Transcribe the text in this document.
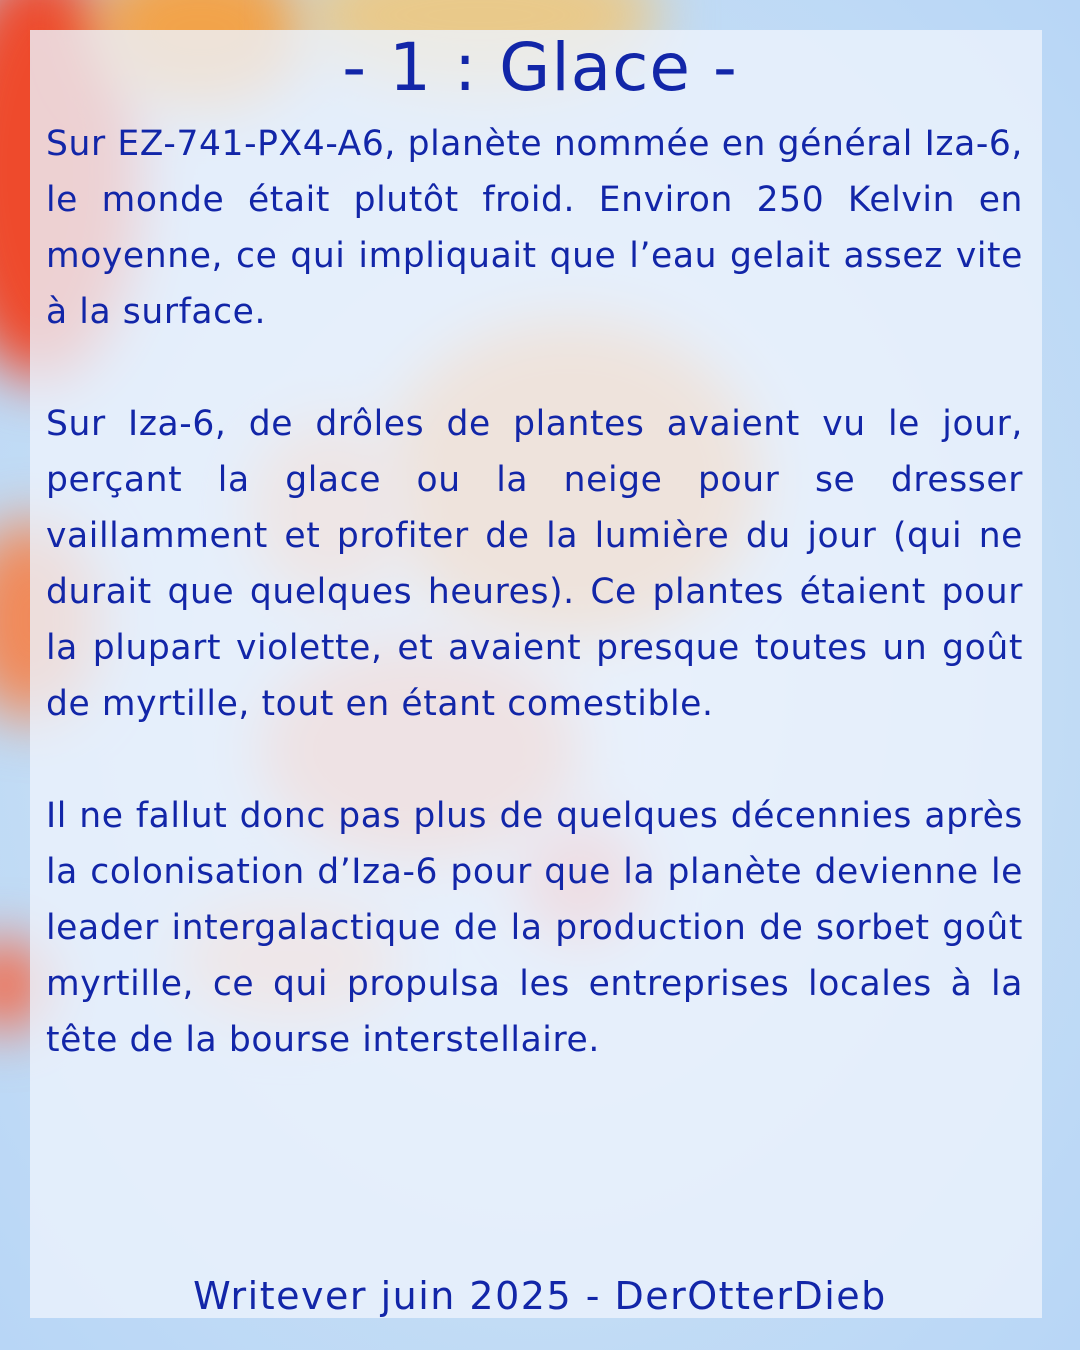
- 1 : Glace -

Sur EZ-741-PX4-A6, planète nommée en général Iza-6, le monde était plutôt froid. Environ 250 Kelvin en moyenne, ce qui impliquait que l’eau gelait assez vite à la surface.

Sur Iza-6, de drôles de plantes avaient vu le jour, perçant la glace ou la neige pour se dresser vaillamment et profiter de la lumière du jour (qui ne durait que quelques heures). Ce plantes étaient pour la plupart violette, et avaient presque toutes un goût de myrtille, tout en étant comestible.

Il ne fallut donc pas plus de quelques décennies après la colonisation d’Iza-6 pour que la planète devienne le leader intergalactique de la production de sorbet goût myrtille, ce qui propulsa les entreprises locales à la tête de la bourse interstellaire.

Writever juin 2025 - DerOtterDieb
